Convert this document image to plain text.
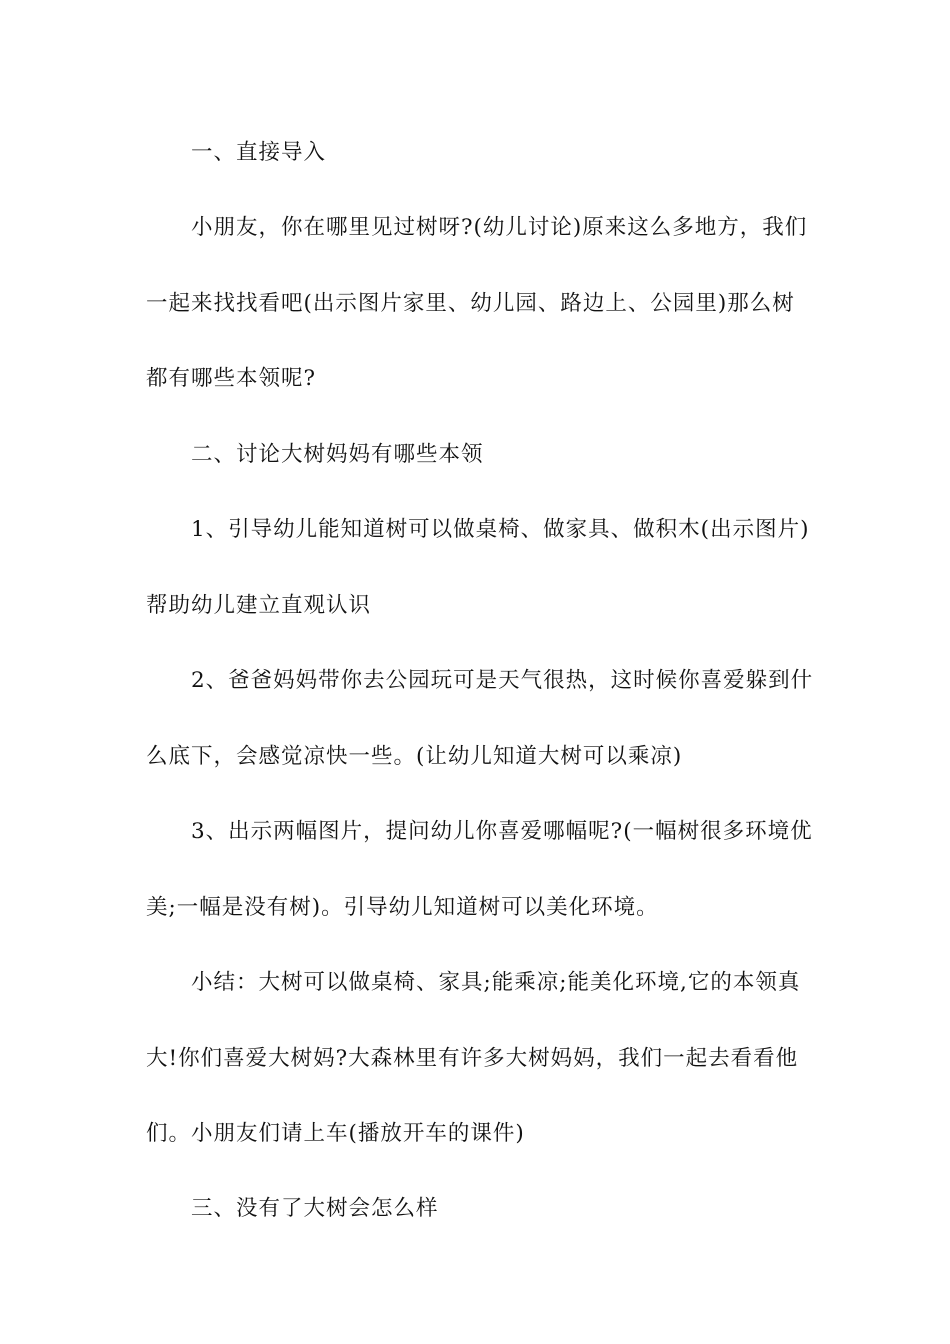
　　一、直接导入

　　小朋友，你在哪里见过树呀?(幼儿讨论)原来这么多地方，我们
一起来找找看吧(出示图片家里、幼儿园、路边上、公园里)那么树
都有哪些本领呢?

　　二、讨论大树妈妈有哪些本领

　　1、引导幼儿能知道树可以做桌椅、做家具、做积木(出示图片)
帮助幼儿建立直观认识

　　2、爸爸妈妈带你去公园玩可是天气很热，这时候你喜爱躲到什
么底下，会感觉凉快一些。(让幼儿知道大树可以乘凉)

　　3、出示两幅图片，提问幼儿你喜爱哪幅呢?(一幅树很多环境优
美;一幅是没有树)。引导幼儿知道树可以美化环境。

　　小结：大树可以做桌椅、家具;能乘凉;能美化环境,它的本领真
大!你们喜爱大树妈?大森林里有许多大树妈妈，我们一起去看看他
们。小朋友们请上车(播放开车的课件)

　　三、没有了大树会怎么样
